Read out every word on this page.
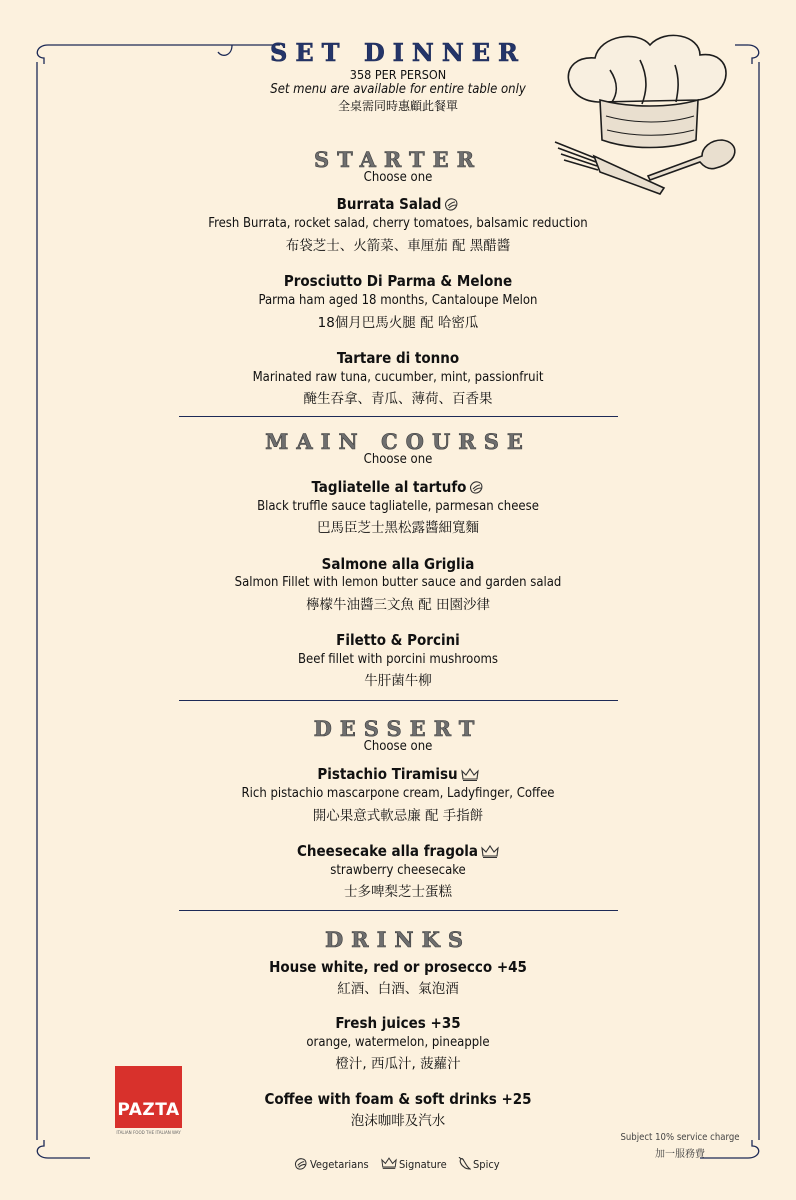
SET DINNER
358 PER PERSON
Set menu are available for entire table only
全桌需同時惠顧此餐單
STARTER
Choose one
Burrata Salad
Fresh Burrata, rocket salad, cherry tomatoes, balsamic reduction
布袋芝士、火箭菜、車厘茄 配 黑醋醬
Prosciutto Di Parma & Melone
Parma ham aged 18 months, Cantaloupe Melon
18個月巴馬火腿 配 哈密瓜
Tartare di tonno
Marinated raw tuna, cucumber, mint, passionfruit
醃生吞拿、青瓜、薄荷、百香果
MAIN COURSE
Choose one
Tagliatelle al tartufo
Black truffle sauce tagliatelle, parmesan cheese
巴馬臣芝士黑松露醬細寬麵
Salmone alla Griglia
Salmon Fillet with lemon butter sauce and garden salad
檸檬牛油醬三文魚 配 田園沙律
Filetto & Porcini
Beef fillet with porcini mushrooms
牛肝菌牛柳
DESSERT
Choose one
Pistachio Tiramisu
Rich pistachio mascarpone cream, Ladyfinger, Coffee
開心果意式軟忌廉 配 手指餅
Cheesecake alla fragola
strawberry cheesecake
士多啤梨芝士蛋糕
DRINKS
House white, red or prosecco +45
紅酒、白酒、氣泡酒
Fresh juices +35
orange, watermelon, pineapple
橙汁, 西瓜汁, 菠蘿汁
Coffee with foam & soft drinks +25
泡沫咖啡及汽水
PAZTA
ITALIAN FOOD THE ITALIAN WAY	Subject 10% service charge
加一服務費
Vegetarians	Signature	Spicy
